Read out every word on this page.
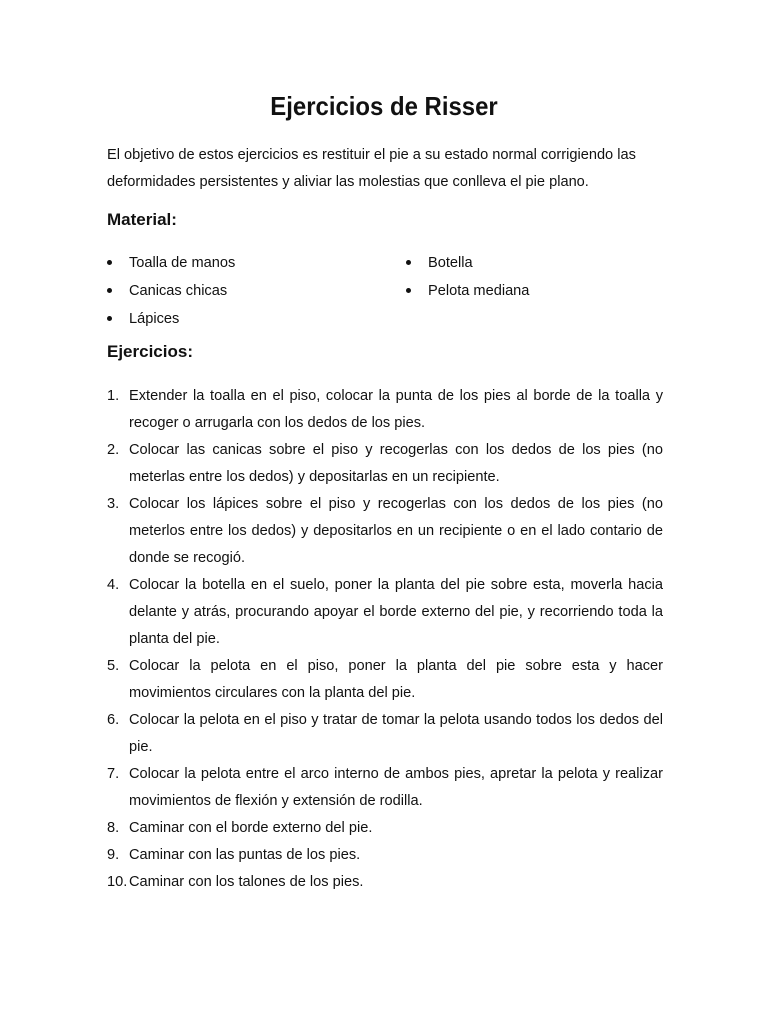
Ejercicios de Risser

El objetivo de estos ejercicios es restituir el pie a su estado normal corrigiendo las
deformidades persistentes y aliviar las molestias que conlleva el pie plano.

Material:
Toalla de manos
Canicas chicas
Lápices
Botella
Pelota mediana
Ejercicios:
1. Extender la toalla en el piso, colocar la punta de los pies al borde de la toalla y recoger o arrugarla con los dedos de los pies.
2. Colocar las canicas sobre el piso y recogerlas con los dedos de los pies (no meterlas entre los dedos) y depositarlas en un recipiente.
3. Colocar los lápices sobre el piso y recogerlas con los dedos de los pies (no meterlos entre los dedos) y depositarlos en un recipiente o en el lado contario de donde se recogió.
4. Colocar la botella en el suelo, poner la planta del pie sobre esta, moverla hacia delante y atrás, procurando apoyar el borde externo del pie, y recorriendo toda la planta del pie.
5. Colocar la pelota en el piso, poner la planta del pie sobre esta y hacer movimientos circulares con la planta del pie.
6. Colocar la pelota en el piso y tratar de tomar la pelota usando todos los dedos del pie.
7. Colocar la pelota entre el arco interno de ambos pies, apretar la pelota y realizar movimientos de flexión y extensión de rodilla.
8. Caminar con el borde externo del pie.
9. Caminar con las puntas de los pies.
10. Caminar con los talones de los pies.
